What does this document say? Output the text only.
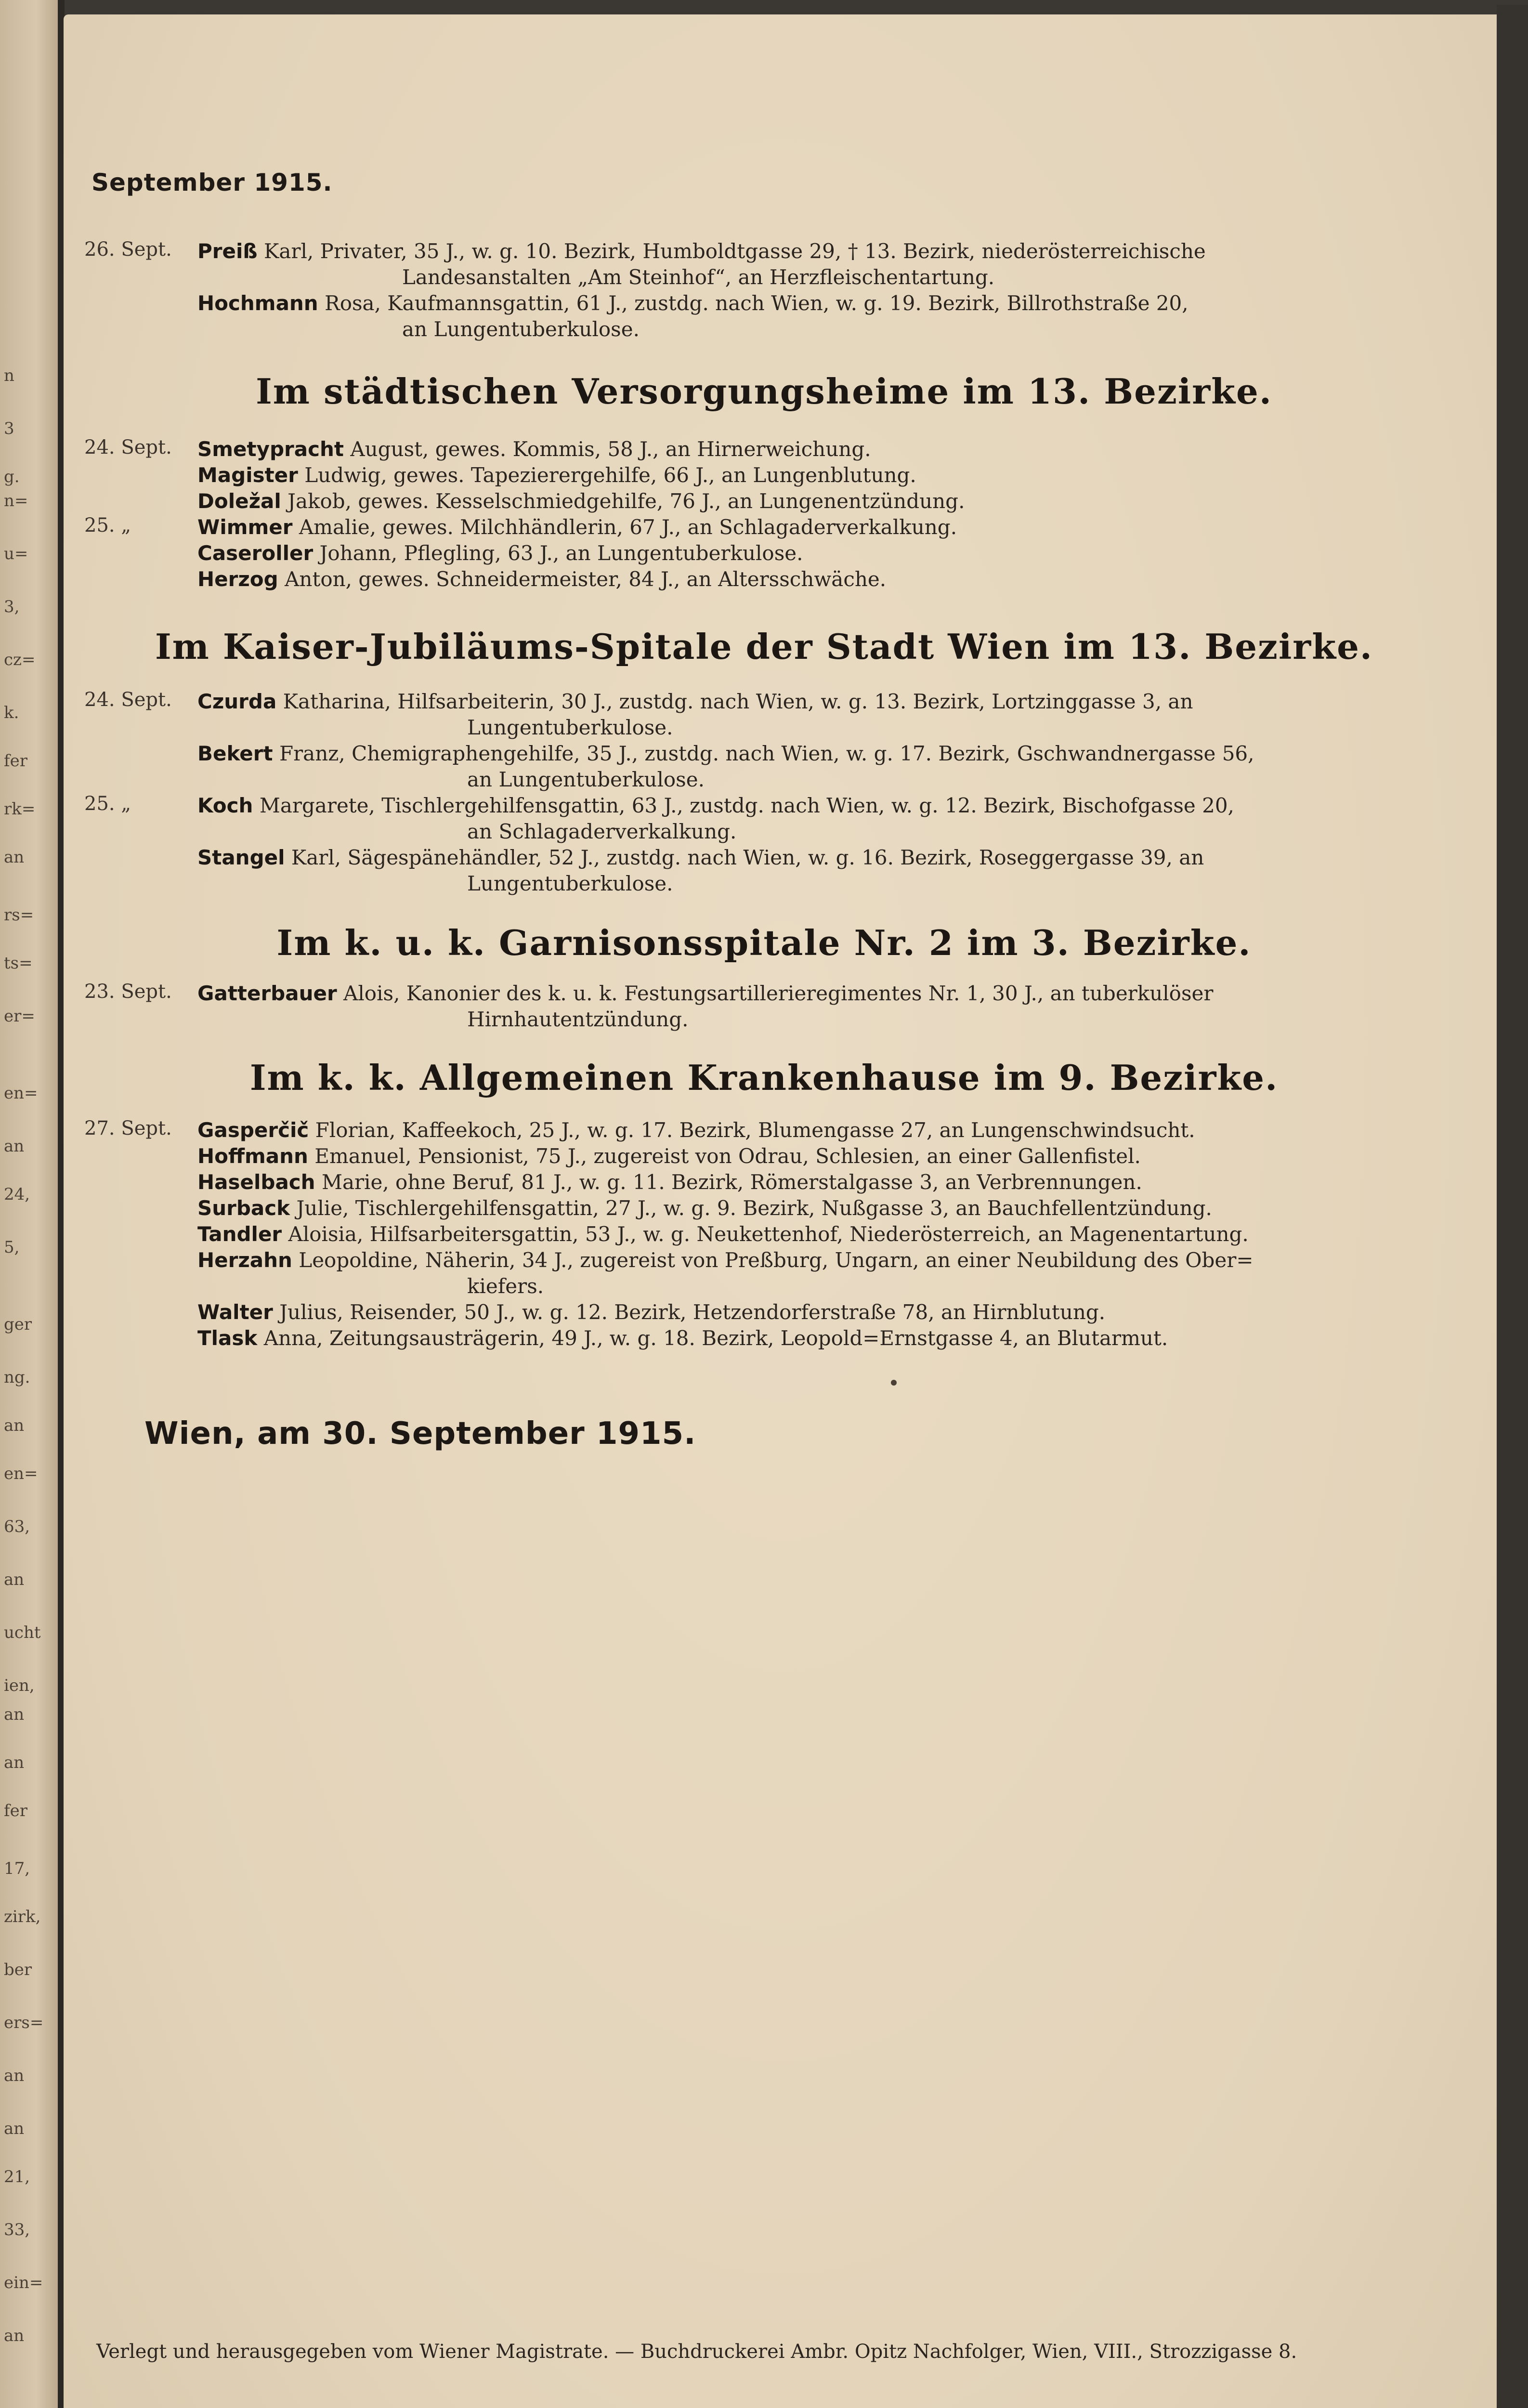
n
3
g.
n=
u=
3,
cz=
k.
fer
rk=
an
rs=
ts=
er=
en=
an
24,
5,
ger
ng.
an
en=
63,
an
ucht
ien,
an
an
fer
17,
zirk,
ber
ers=
an
an
21,
33,
ein=
an
September 1915.
26. Sept.	Preiß Karl, Privater, 35 J., w. g. 10. Bezirk, Humboldtgasse 29, † 13. Bezirk, niederösterreichische
Landesanstalten „Am Steinhof“, an Herzfleischentartung.
Hochmann Rosa, Kaufmannsgattin, 61 J., zustdg. nach Wien, w. g. 19. Bezirk, Billrothstraße 20,
an Lungentuberkulose.
Im städtischen Versorgungsheime im 13. Bezirke.
24. Sept.	Smetypracht August, gewes. Kommis, 58 J., an Hirnerweichung.
Magister Ludwig, gewes. Tapezierergehilfe, 66 J., an Lungenblutung.
Doležal Jakob, gewes. Kesselschmiedgehilfe, 76 J., an Lungenentzündung.
25. „	Wimmer Amalie, gewes. Milchhändlerin, 67 J., an Schlagaderverkalkung.
Caseroller Johann, Pflegling, 63 J., an Lungentuberkulose.
Herzog Anton, gewes. Schneidermeister, 84 J., an Altersschwäche.
Im Kaiser-Jubiläums-Spitale der Stadt Wien im 13. Bezirke.
24. Sept.	Czurda Katharina, Hilfsarbeiterin, 30 J., zustdg. nach Wien, w. g. 13. Bezirk, Lortzinggasse 3, an
Lungentuberkulose.
Bekert Franz, Chemigraphengehilfe, 35 J., zustdg. nach Wien, w. g. 17. Bezirk, Gschwandnergasse 56,
an Lungentuberkulose.
25. „	Koch Margarete, Tischlergehilfensgattin, 63 J., zustdg. nach Wien, w. g. 12. Bezirk, Bischofgasse 20,
an Schlagaderverkalkung.
Stangel Karl, Sägespänehändler, 52 J., zustdg. nach Wien, w. g. 16. Bezirk, Roseggergasse 39, an
Lungentuberkulose.
Im k. u. k. Garnisonsspitale Nr. 2 im 3. Bezirke.
23. Sept.	Gatterbauer Alois, Kanonier des k. u. k. Festungsartillerieregimentes Nr. 1, 30 J., an tuberkulöser
Hirnhautentzündung.
Im k. k. Allgemeinen Krankenhause im 9. Bezirke.
27. Sept.	Gasperčič Florian, Kaffeekoch, 25 J., w. g. 17. Bezirk, Blumengasse 27, an Lungenschwindsucht.
Hoffmann Emanuel, Pensionist, 75 J., zugereist von Odrau, Schlesien, an einer Gallenfistel.
Haselbach Marie, ohne Beruf, 81 J., w. g. 11. Bezirk, Römerstalgasse 3, an Verbrennungen.
Surback Julie, Tischlergehilfensgattin, 27 J., w. g. 9. Bezirk, Nußgasse 3, an Bauchfellentzündung.
Tandler Aloisia, Hilfsarbeitersgattin, 53 J., w. g. Neukettenhof, Niederösterreich, an Magenentartung.
Herzahn Leopoldine, Näherin, 34 J., zugereist von Preßburg, Ungarn, an einer Neubildung des Ober=
kiefers.
Walter Julius, Reisender, 50 J., w. g. 12. Bezirk, Hetzendorferstraße 78, an Hirnblutung.
Tlask Anna, Zeitungsausträgerin, 49 J., w. g. 18. Bezirk, Leopold=Ernstgasse 4, an Blutarmut.
Wien, am 30. September 1915.
Verlegt und herausgegeben vom Wiener Magistrate. — Buchdruckerei Ambr. Opitz Nachfolger, Wien, VIII., Strozzigasse 8.
